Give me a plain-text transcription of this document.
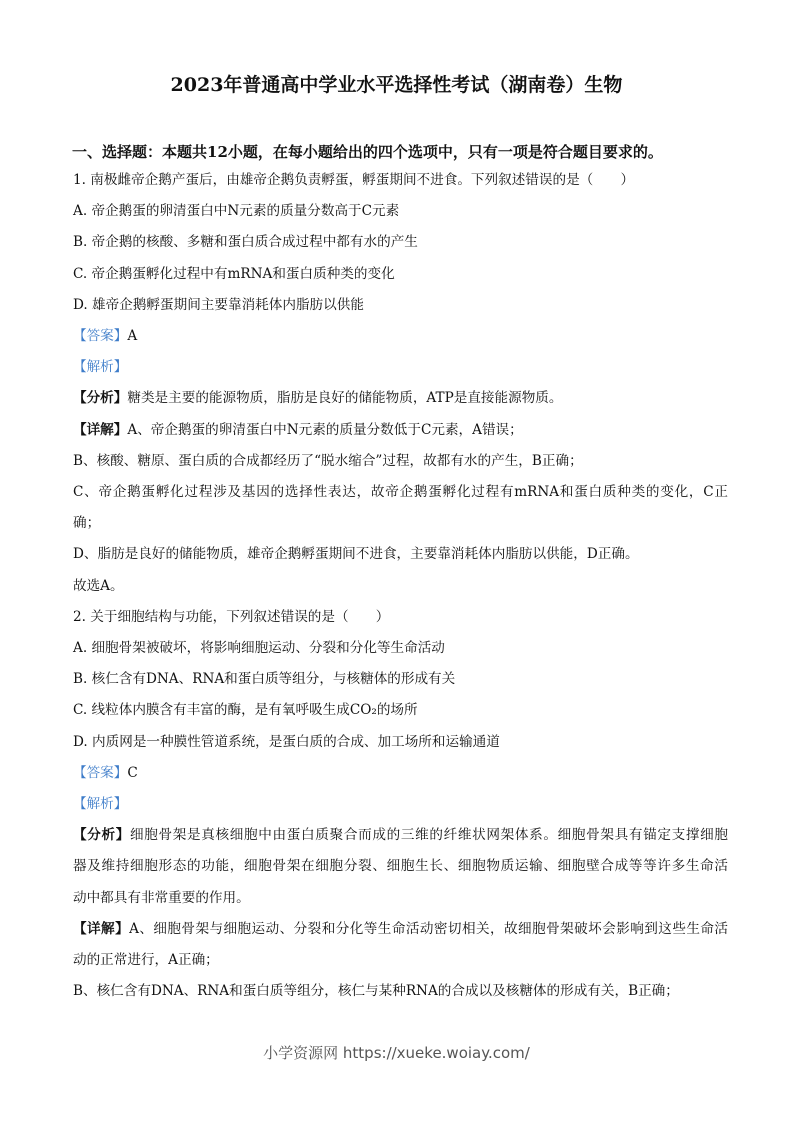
2023年普通高中学业水平选择性考试（湖南卷）生物
一、选择题：本题共12小题，在每小题给出的四个选项中，只有一项是符合题目要求的。
1. 南极雌帝企鹅产蛋后，由雄帝企鹅负责孵蛋，孵蛋期间不进食。下列叙述错误的是（　　）
A. 帝企鹅蛋的卵清蛋白中N元素的质量分数高于C元素
B. 帝企鹅的核酸、多糖和蛋白质合成过程中都有水的产生
C. 帝企鹅蛋孵化过程中有mRNA和蛋白质种类的变化
D. 雄帝企鹅孵蛋期间主要靠消耗体内脂肪以供能
【答案】A
【解析】
【分析】糖类是主要的能源物质，脂肪是良好的储能物质，ATP是直接能源物质。
【详解】A、帝企鹅蛋的卵清蛋白中N元素的质量分数低于C元素，A错误；
B、核酸、糖原、蛋白质的合成都经历了“脱水缩合”过程，故都有水的产生，B正确；
C、帝企鹅蛋孵化过程涉及基因的选择性表达，故帝企鹅蛋孵化过程有mRNA和蛋白质种类的变化，C正
确；
D、脂肪是良好的储能物质，雄帝企鹅孵蛋期间不进食，主要靠消耗体内脂肪以供能，D正确。
故选A。
2. 关于细胞结构与功能，下列叙述错误的是（　　）
A. 细胞骨架被破坏，将影响细胞运动、分裂和分化等生命活动
B. 核仁含有DNA、RNA和蛋白质等组分，与核糖体的形成有关
C. 线粒体内膜含有丰富的酶，是有氧呼吸生成CO₂的场所
D. 内质网是一种膜性管道系统，是蛋白质的合成、加工场所和运输通道
【答案】C
【解析】
【分析】细胞骨架是真核细胞中由蛋白质聚合而成的三维的纤维状网架体系。细胞骨架具有锚定支撑细胞
器及维持细胞形态的功能，细胞骨架在细胞分裂、细胞生长、细胞物质运输、细胞壁合成等等许多生命活
动中都具有非常重要的作用。
【详解】A、细胞骨架与细胞运动、分裂和分化等生命活动密切相关，故细胞骨架破坏会影响到这些生命活
动的正常进行，A正确；
B、核仁含有DNA、RNA和蛋白质等组分，核仁与某种RNA的合成以及核糖体的形成有关，B正确；
小学资源网 https://xueke.woiay.com/
